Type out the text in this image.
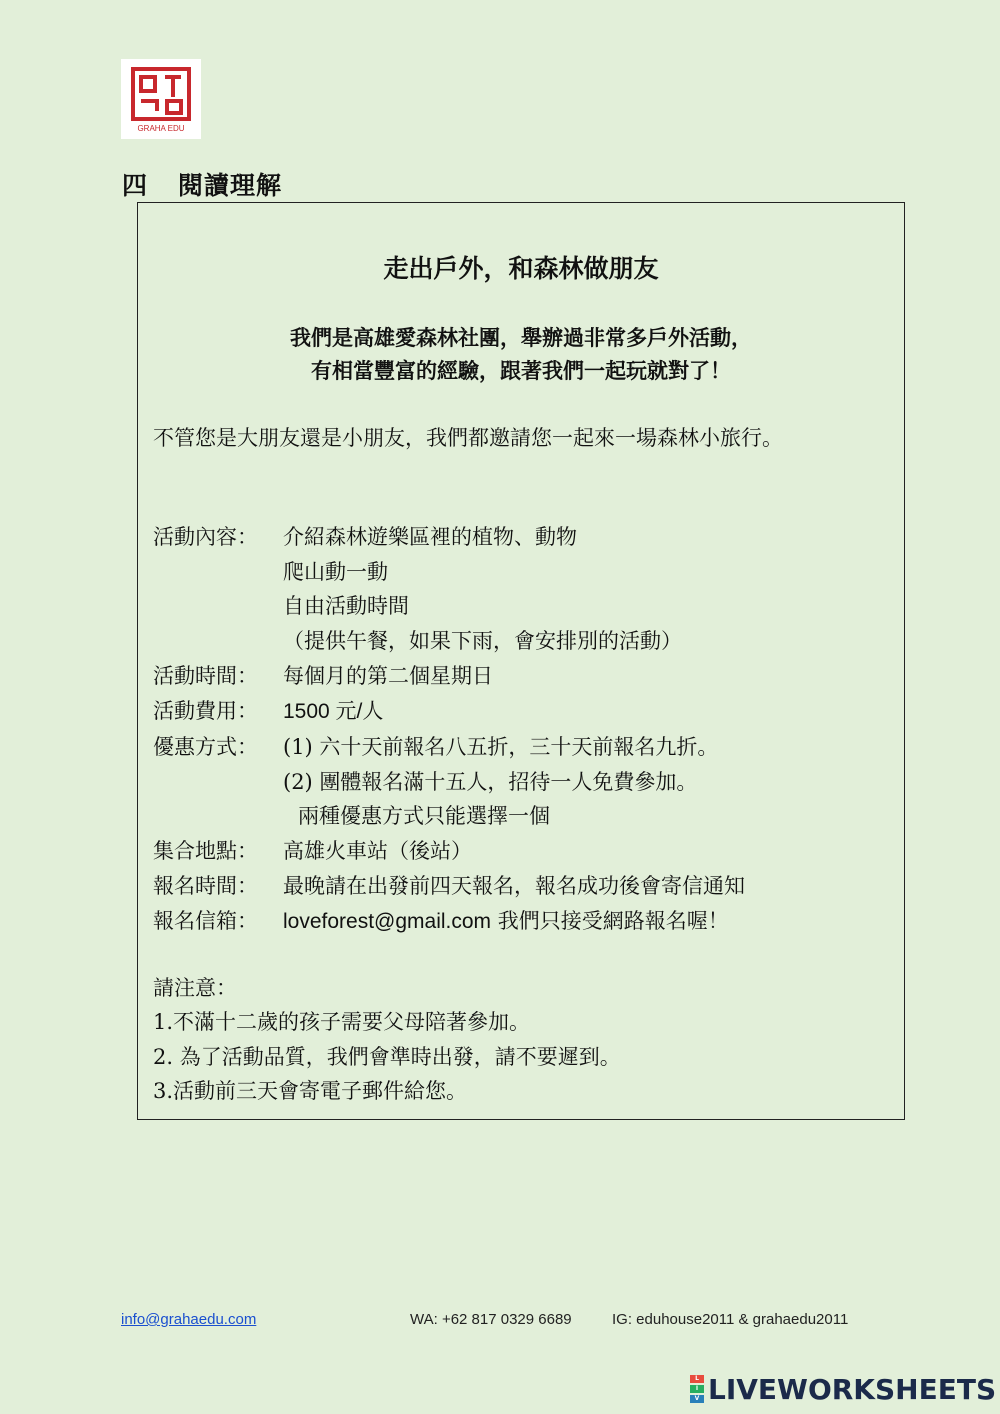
GRAHA EDU
四 閱讀理解
走出戶外，和森林做朋友
我們是高雄愛森林社團，舉辦過非常多戶外活動，
有相當豐富的經驗，跟著我們一起玩就對了！
不管您是大朋友還是小朋友，我們都邀請您一起來一場森林小旅行。
活動內容： 介紹森林遊樂區裡的植物、動物
爬山動一動
自由活動時間
（提供午餐，如果下雨，會安排別的活動）
活動時間： 每個月的第二個星期日
活動費用： 1500 元/人
優惠方式： (1) 六十天前報名八五折，三十天前報名九折。
(2) 團體報名滿十五人，招待一人免費參加。
兩種優惠方式只能選擇一個
集合地點： 高雄火車站（後站）
報名時間： 最晚請在出發前四天報名，報名成功後會寄信通知
報名信箱： loveforest@gmail.com 我們只接受網路報名喔！
請注意：
1.不滿十二歲的孩子需要父母陪著參加。
2. 為了活動品質，我們會準時出發，請不要遲到。
3.活動前三天會寄電子郵件給您。
info@grahaedu.com	WA: +62 817 0329 6689	IG: eduhouse2011 & grahaedu2011
L
I
V LIVEWORKSHEETS
